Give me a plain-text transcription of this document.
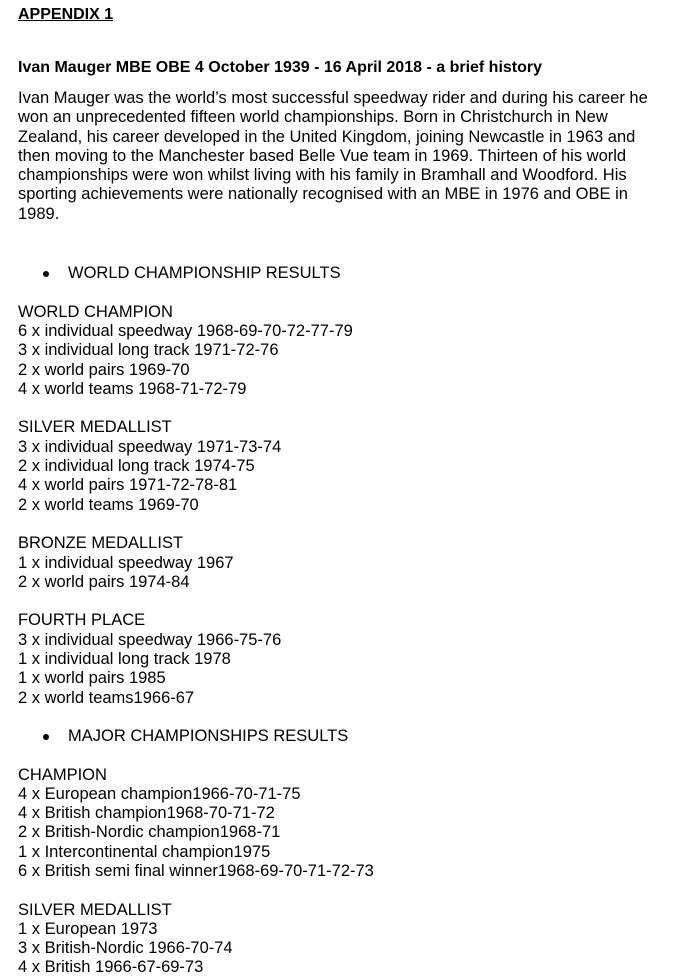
APPENDIX 1
Ivan Mauger MBE OBE 4 October 1939 - 16 April 2018 - a brief history
Ivan Mauger was the world’s most successful speedway rider and during his career he won an unprecedented fifteen world championships. Born in Christchurch in New Zealand, his career developed in the United Kingdom, joining Newcastle in 1963 and then moving to the Manchester based Belle Vue team in 1969. Thirteen of his world championships were won whilst living with his family in Bramhall and Woodford. His sporting achievements were nationally recognised with an MBE in 1976 and OBE in 1989.
WORLD CHAMPIONSHIP RESULTS
WORLD CHAMPION
6 x individual speedway 1968-69-70-72-77-79
3 x individual long track 1971-72-76
2 x world pairs 1969-70
4 x world teams 1968-71-72-79
SILVER MEDALLIST
3 x individual speedway 1971-73-74
2 x individual long track 1974-75
4 x world pairs 1971-72-78-81
2 x world teams 1969-70
BRONZE MEDALLIST
1 x individual speedway 1967
2 x world pairs 1974-84
FOURTH PLACE
3 x individual speedway 1966-75-76
1 x individual long track 1978
1 x world pairs 1985
2 x world teams1966-67
MAJOR CHAMPIONSHIPS RESULTS
CHAMPION
4 x European champion1966-70-71-75
4 x British champion1968-70-71-72
2 x British-Nordic champion1968-71
1 x Intercontinental champion1975
6 x British semi final winner1968-69-70-71-72-73
SILVER MEDALLIST
1 x European 1973
3 x British-Nordic 1966-70-74
4 x British 1966-67-69-73
